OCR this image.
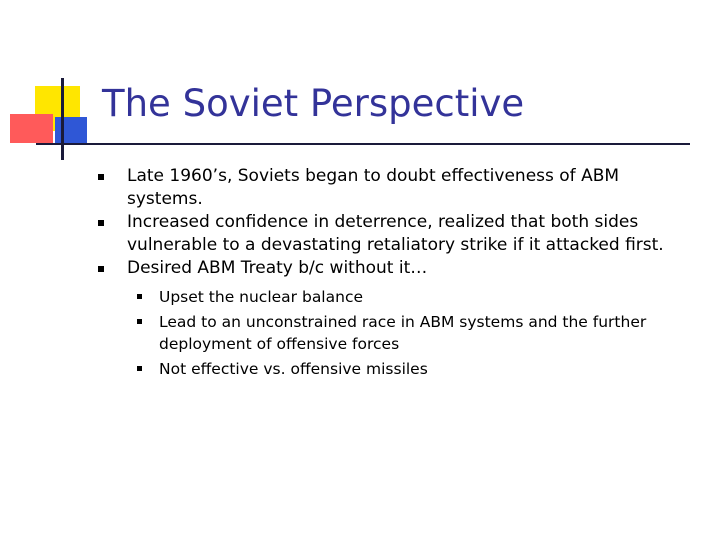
The Soviet Perspective
Late 1960’s, Soviets began to doubt effectiveness of ABM systems.
Increased confidence in deterrence, realized that both sides vulnerable to a devastating retaliatory strike if it attacked first.
Desired ABM Treaty b/c without it…
Upset the nuclear balance
Lead to an unconstrained race in ABM systems and the further deployment of offensive forces
Not effective vs. offensive missiles
